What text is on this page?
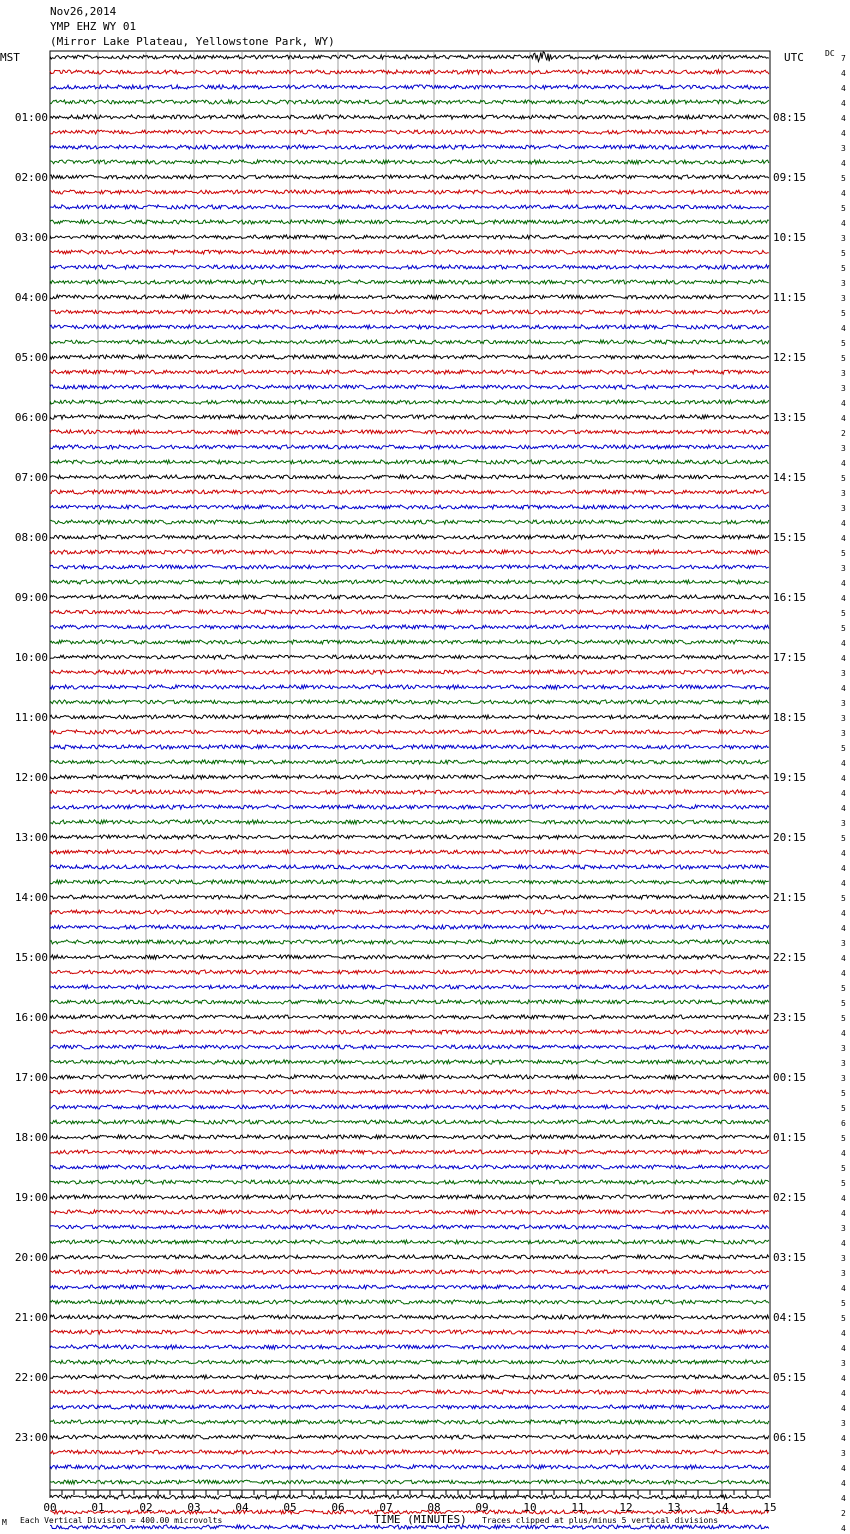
Nov26,2014
YMP EHZ WY 01
(Mirror Lake Plateau, Yellowstone Park, WY)
MST	UTC	DC
01:00
02:00
03:00
04:00
05:00
06:00
07:00
08:00
09:00
10:00
11:00
12:00
13:00
14:00
15:00
16:00
17:00
18:00
19:00
20:00
21:00
22:00
23:00
08:15
09:15
10:15
11:15
12:15
13:15
14:15
15:15
16:15
17:15
18:15
19:15
20:15
21:15
22:15
23:15
00:15
01:15
02:15
03:15
04:15
05:15
06:15
7
4
4
4
4
4
3
4
5
4
5
4
3
5
5
3
3
5
4
5
5
3
3
4
4
2
3
4
5
3
3
4
4
5
3
4
4
5
5
4
4
3
4
3
3
3
5
4
4
4
4
3
5
4
4
4
5
4
4
3
4
4
5
5
5
4
3
3
3
5
5
6
5
4
5
5
4
4
3
4
3
3
4
5
5
4
4
3
4
4
4
3
4
3
4
4
4
2
4
00	01	02	03	04	05	06	07	08	09	10	11	12	13	14	15
M Each Vertical Division = 400.00 microvolts	TIME (MINUTES) Traces clipped at plus/minus 5 vertical divisions
